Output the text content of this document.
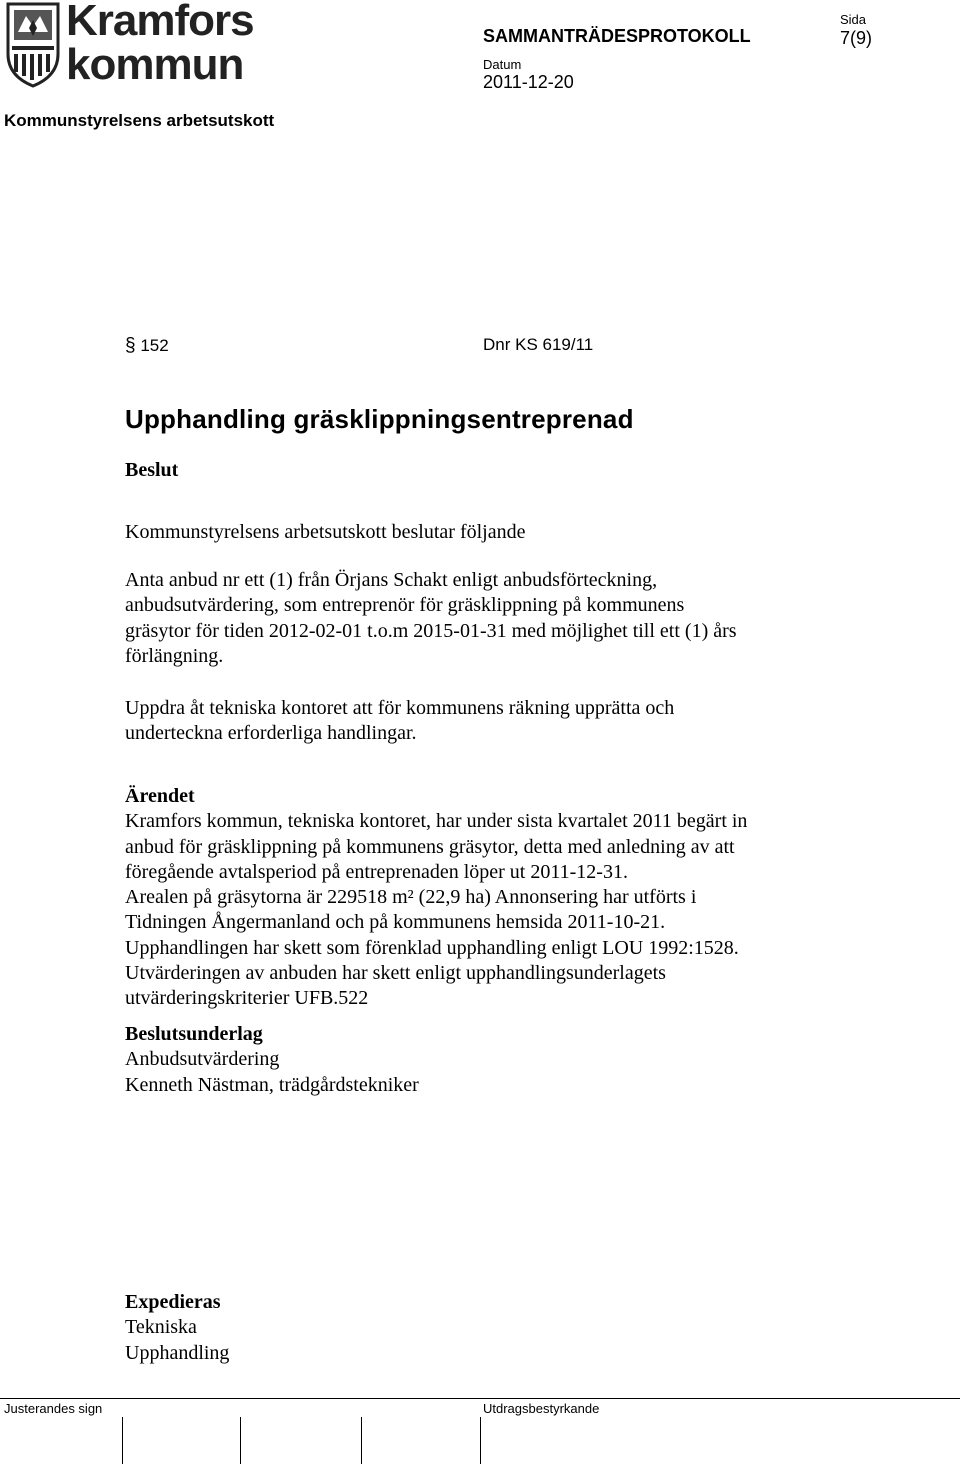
Kramfors
kommun
SAMMANTRÄDESPROTOKOLL
Sida
7(9)
Datum
2011-12-20
Kommunstyrelsens arbetsutskott
§ 152	Dnr KS 619/11
Upphandling gräsklippningsentreprenad
Beslut
Kommunstyrelsens arbetsutskott beslutar följande
Anta anbud nr ett (1) från Örjans Schakt enligt anbudsförteckning,
anbudsutvärdering, som entreprenör för gräsklippning på kommunens
gräsytor för tiden 2012-02-01 t.o.m 2015-01-31 med möjlighet till ett (1) års
förlängning.
Uppdra åt tekniska kontoret att för kommunens räkning upprätta och
underteckna erforderliga handlingar.
Ärendet
Kramfors kommun, tekniska kontoret, har under sista kvartalet 2011 begärt in
anbud för gräsklippning på kommunens gräsytor, detta med anledning av att
föregående avtalsperiod på entreprenaden löper ut 2011-12-31.
Arealen på gräsytorna är 229518 m² (22,9 ha) Annonsering har utförts i
Tidningen Ångermanland och på kommunens hemsida 2011-10-21.
Upphandlingen har skett som förenklad upphandling enligt LOU 1992:1528.
Utvärderingen av anbuden har skett enligt upphandlingsunderlagets
utvärderingskriterier UFB.522
Beslutsunderlag
Anbudsutvärdering
Kenneth Nästman, trädgårdstekniker
Expedieras
Tekniska
Upphandling
Justerandes sign	Utdragsbestyrkande
